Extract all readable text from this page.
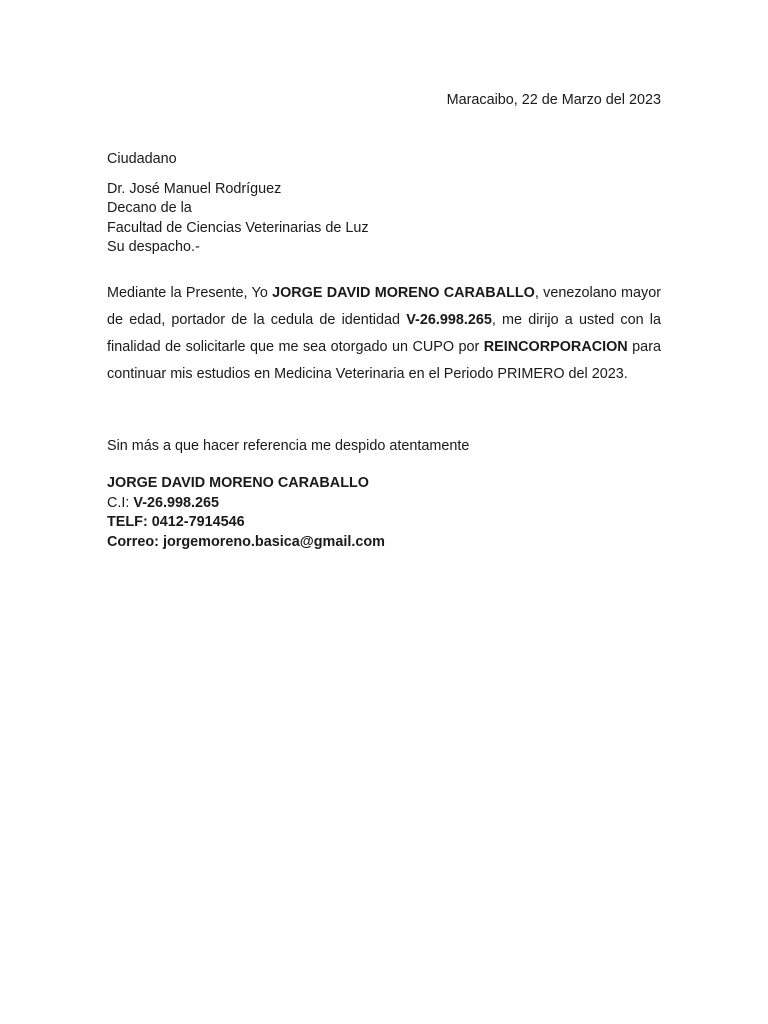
Maracaibo, 22 de Marzo del 2023
Ciudadano
Dr. José Manuel Rodríguez
Decano de la
Facultad de Ciencias Veterinarias de Luz
Su despacho.-

Mediante la Presente, Yo JORGE DAVID MORENO CARABALLO, venezolano mayor de edad, portador de la cedula de identidad V-26.998.265, me dirijo a usted con la finalidad de solicitarle que me sea otorgado un CUPO por REINCORPORACION para continuar mis estudios en Medicina Veterinaria en el Periodo PRIMERO del 2023.

Sin más a que hacer referencia me despido atentamente
JORGE DAVID MORENO CARABALLO
C.I: V-26.998.265
TELF: 0412-7914546
Correo: jorgemoreno.basica@gmail.com
